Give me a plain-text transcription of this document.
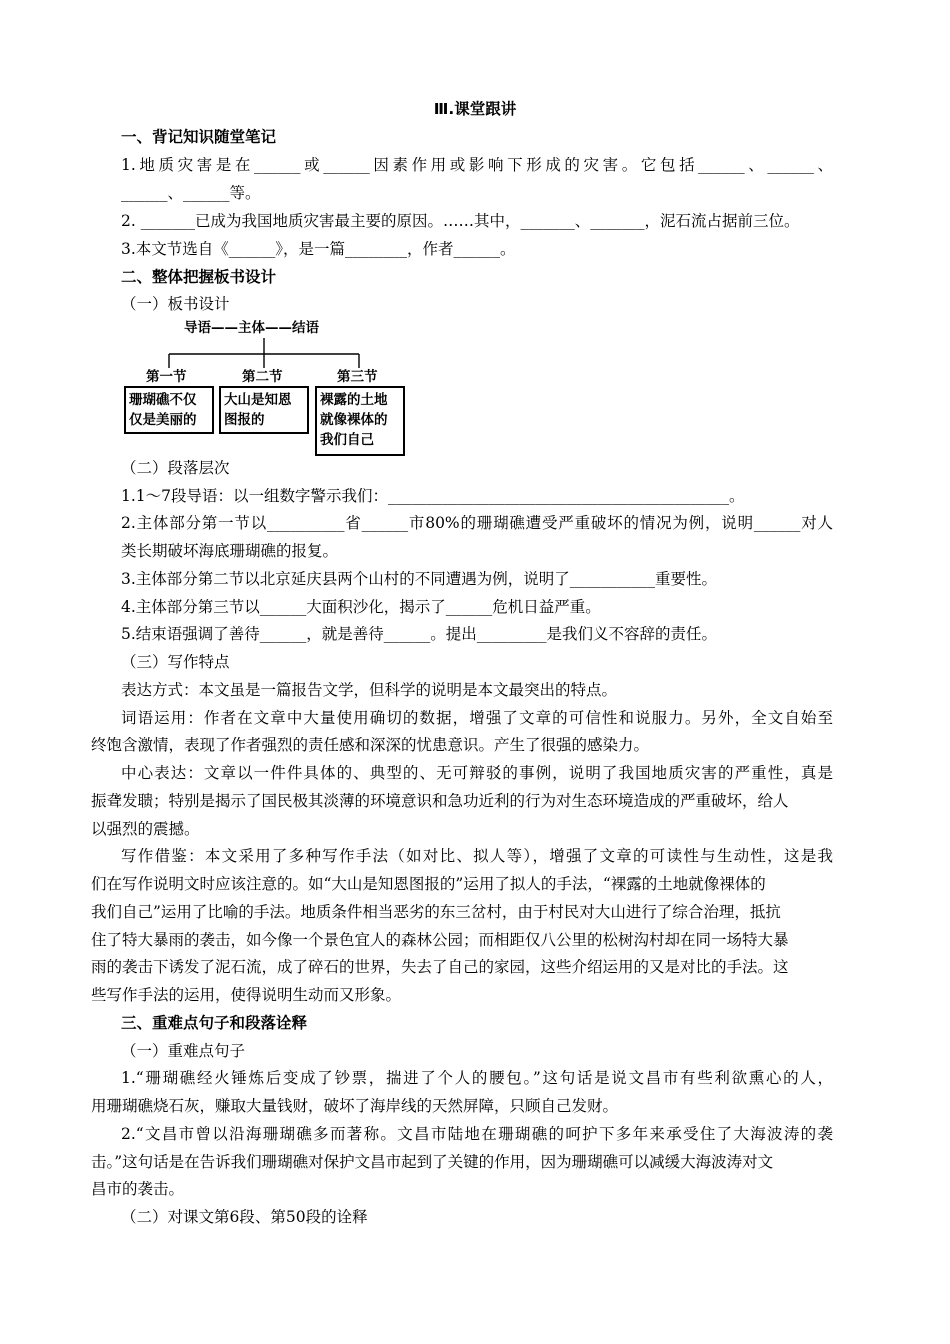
Ⅲ.课堂跟讲
一、背记知识随堂笔记
1.地质灾害是在______或______因素作用或影响下形成的灾害。它包括______、______、
______、______等。
2. _______已成为我国地质灾害最主要的原因。……其中，_______、_______，泥石流占据前三位。
3.本文节选自《______》，是一篇________，作者______。
二、整体把握板书设计
（一）板书设计
导语——主体——结语
第一节	第二节	第三节
珊瑚礁不仅
仅是美丽的
大山是知恩
图报的
裸露的土地
就像裸体的
我们自己
（二）段落层次
1.1～7段导语：以一组数字警示我们：____________________________________________。
2.主体部分第一节以__________省______市80%的珊瑚礁遭受严重破坏的情况为例，说明______对人
类长期破坏海底珊瑚礁的报复。
3.主体部分第二节以北京延庆县两个山村的不同遭遇为例，说明了___________重要性。
4.主体部分第三节以______大面积沙化，揭示了______危机日益严重。
5.结束语强调了善待______，就是善待______。提出_________是我们义不容辞的责任。
（三）写作特点
表达方式：本文虽是一篇报告文学，但科学的说明是本文最突出的特点。
词语运用：作者在文章中大量使用确切的数据，增强了文章的可信性和说服力。另外，全文自始至
终饱含激情，表现了作者强烈的责任感和深深的忧患意识。产生了很强的感染力。
中心表达：文章以一件件具体的、典型的、无可辩驳的事例，说明了我国地质灾害的严重性，真是
振聋发聩；特别是揭示了国民极其淡薄的环境意识和急功近利的行为对生态环境造成的严重破坏，给人
以强烈的震撼。
写作借鉴：本文采用了多种写作手法（如对比、拟人等），增强了文章的可读性与生动性，这是我
们在写作说明文时应该注意的。如“大山是知恩图报的”运用了拟人的手法，“裸露的土地就像裸体的
我们自己”运用了比喻的手法。地质条件相当恶劣的东三岔村，由于村民对大山进行了综合治理，抵抗
住了特大暴雨的袭击，如今像一个景色宜人的森林公园；而相距仅八公里的松树沟村却在同一场特大暴
雨的袭击下诱发了泥石流，成了碎石的世界，失去了自己的家园，这些介绍运用的又是对比的手法。这
些写作手法的运用，使得说明生动而又形象。
三、重难点句子和段落诠释
（一）重难点句子
1.“珊瑚礁经火锤炼后变成了钞票，揣进了个人的腰包。”这句话是说文昌市有些利欲熏心的人，
用珊瑚礁烧石灰，赚取大量钱财，破坏了海岸线的天然屏障，只顾自己发财。
2.“文昌市曾以沿海珊瑚礁多而著称。文昌市陆地在珊瑚礁的呵护下多年来承受住了大海波涛的袭
击。”这句话是在告诉我们珊瑚礁对保护文昌市起到了关键的作用，因为珊瑚礁可以减缓大海波涛对文
昌市的袭击。
（二）对课文第6段、第50段的诠释
